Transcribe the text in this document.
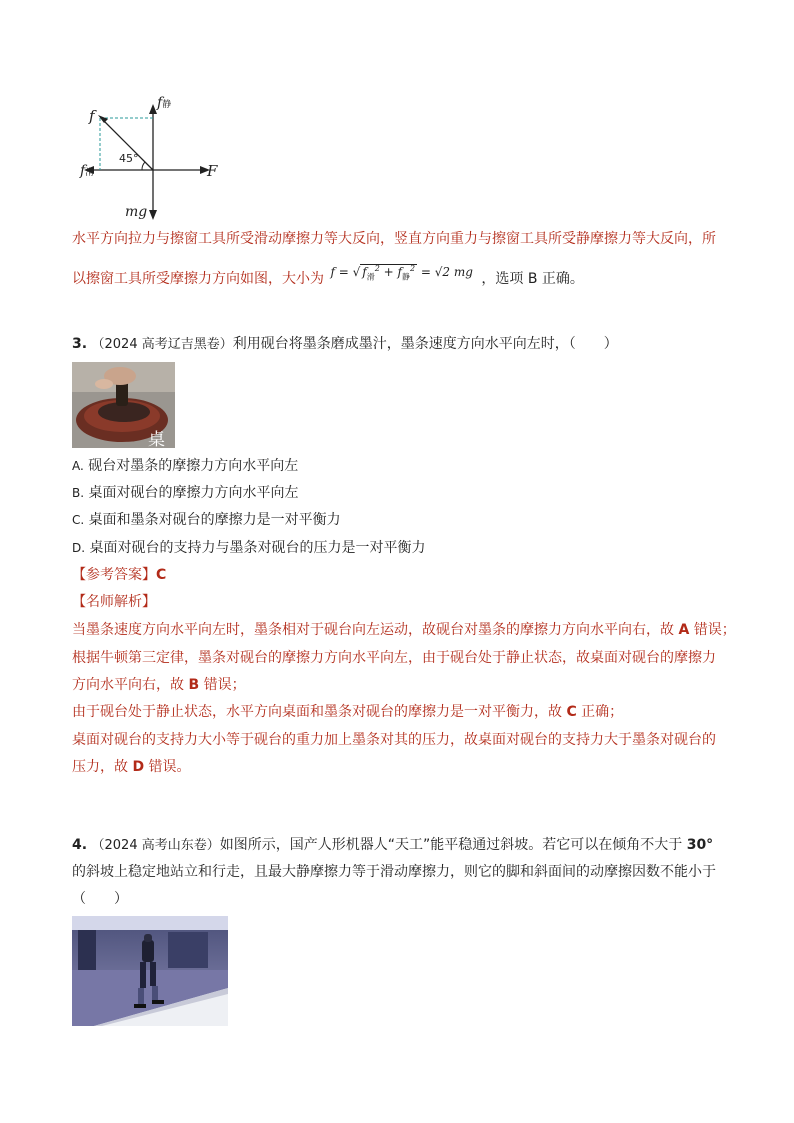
f
f静
45°
f滑	F
mg
水平方向拉力与擦窗工具所受滑动摩擦力等大反向，竖直方向重力与擦窗工具所受静摩擦力等大反向，所
以擦窗工具所受摩擦力方向如图，大小为 f = √ $f_滑^2 + f_静^2 = √2$ mg ，选项 B 正确。
3. （2024 高考辽吉黑卷）利用砚台将墨条磨成墨汁，墨条速度方向水平向左时，（　　）
桌
A. 砚台对墨条的摩擦力方向水平向左
B. 桌面对砚台的摩擦力方向水平向左
C. 桌面和墨条对砚台的摩擦力是一对平衡力
D. 桌面对砚台的支持力与墨条对砚台的压力是一对平衡力
【参考答案】C
【名师解析】
当墨条速度方向水平向左时，墨条相对于砚台向左运动，故砚台对墨条的摩擦力方向水平向右，故 A 错误；
根据牛顿第三定律，墨条对砚台的摩擦力方向水平向左，由于砚台处于静止状态，故桌面对砚台的摩擦力
方向水平向右，故 B 错误；
由于砚台处于静止状态，水平方向桌面和墨条对砚台的摩擦力是一对平衡力，故 C 正确；
桌面对砚台的支持力大小等于砚台的重力加上墨条对其的压力，故桌面对砚台的支持力大于墨条对砚台的
压力，故 D 错误。
4. （2024 高考山东卷）如图所示，国产人形机器人“天工”能平稳通过斜坡。若它可以在倾角不大于 30°
的斜坡上稳定地站立和行走，且最大静摩擦力等于滑动摩擦力，则它的脚和斜面间的动摩擦因数不能小于
（　　）
